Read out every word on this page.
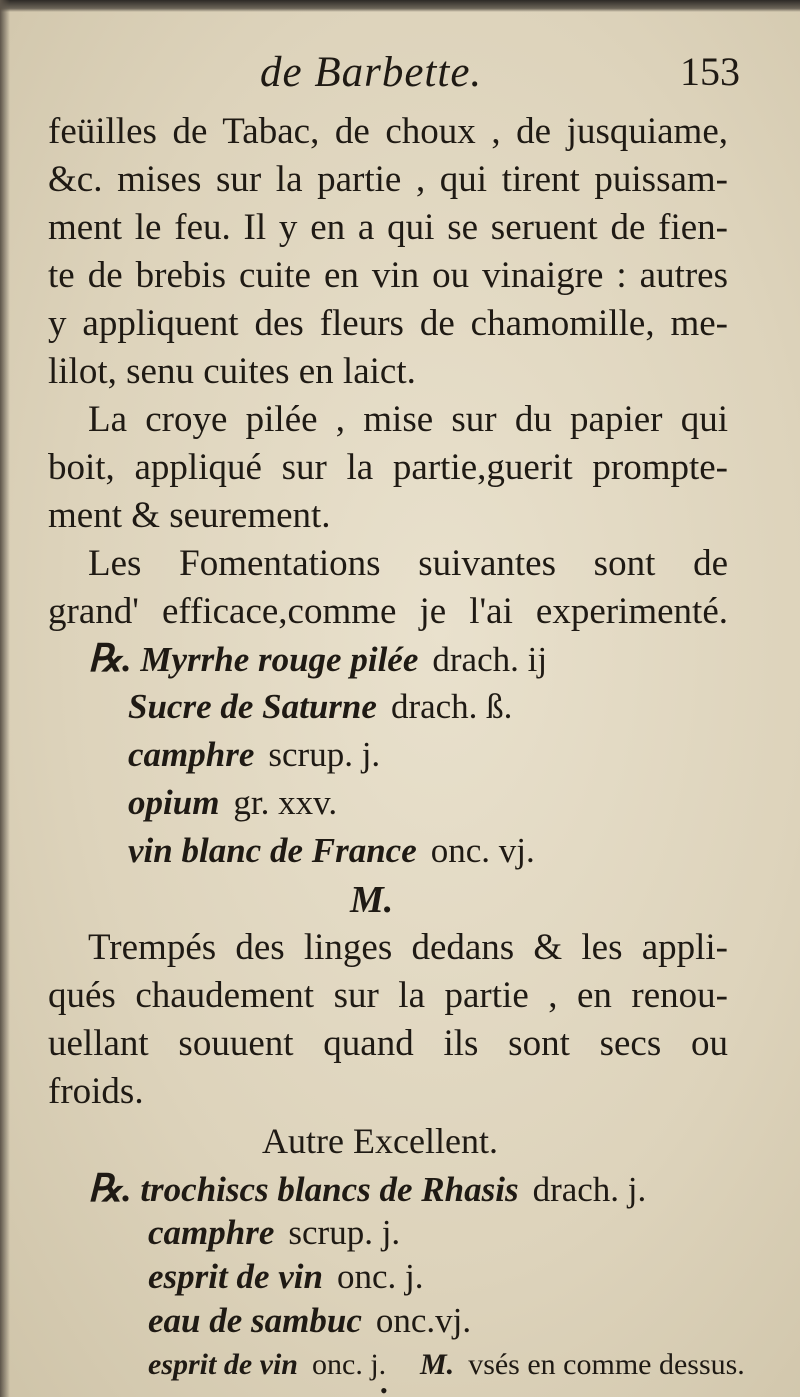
de Barbette.	153
feüilles de Tabac, de choux , de jusquiame,
&c. mises sur la partie , qui tirent puissam-
ment le feu. Il y en a qui se seruent de fien-
te de brebis cuite en vin ou vinaigre : autres
y appliquent des fleurs de chamomille, me-
lilot, senu cuites en laict.
La croye pilée , mise sur du papier qui
boit, appliqué sur la partie,guerit prompte-
ment & seurement.
Les Fomentations suivantes sont de
grand' efficace,comme je l'ai experimenté.
℞. Myrrhe rouge pilée drach. ij
Sucre de Saturne drach. ß.
camphre scrup. j.
opium gr. xxv.
vin blanc de France onc. vj.
M.
Trempés des linges dedans & les appli-
qués chaudement sur la partie , en renou-
uellant souuent quand ils sont secs ou
froids.
Autre Excellent.
℞. trochiscs blancs de Rhasis drach. j.
camphre scrup. j.
esprit de vin onc. j.
eau de sambuc onc.vj.
esprit de vin onc. j. M. vsés en comme dessus.
•
